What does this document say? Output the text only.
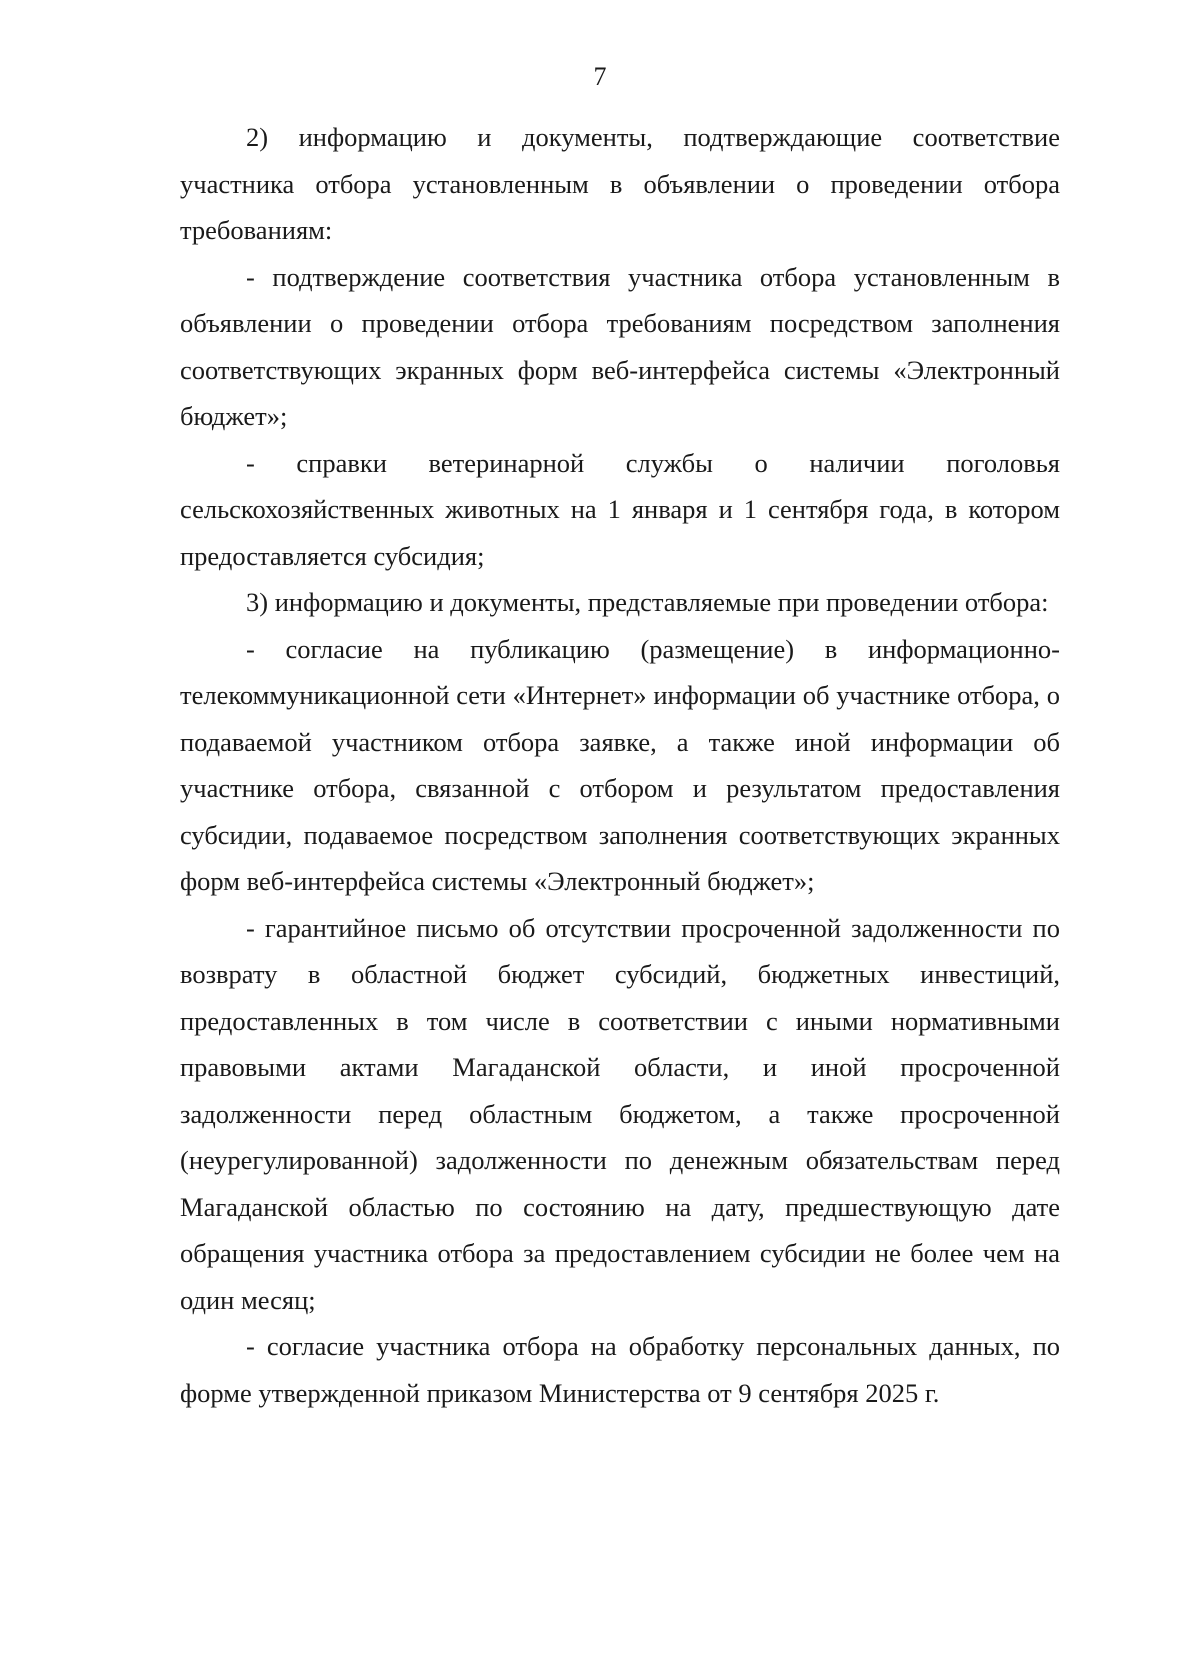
7

2) информацию и документы, подтверждающие соответствие участника отбора установленным в объявлении о проведении отбора требованиям:

- подтверждение соответствия участника отбора установленным в объявлении о проведении отбора требованиям посредством заполнения соответствующих экранных форм веб-интерфейса системы «Электронный бюджет»;

- справки ветеринарной службы о наличии поголовья сельскохозяйственных животных на 1 января и 1 сентября года, в котором предоставляется субсидия;

3) информацию и документы, представляемые при проведении отбора:

- согласие на публикацию (размещение) в информационно-телекоммуникационной сети «Интернет» информации об участнике отбора, о подаваемой участником отбора заявке, а также иной информации об участнике отбора, связанной с отбором и результатом предоставления субсидии, подаваемое посредством заполнения соответствующих экранных форм веб-интерфейса системы «Электронный бюджет»;

- гарантийное письмо об отсутствии просроченной задолженности по возврату в областной бюджет субсидий, бюджетных инвестиций, предоставленных в том числе в соответствии с иными нормативными правовыми актами Магаданской области, и иной просроченной задолженности перед областным бюджетом, а также просроченной (неурегулированной) задолженности по денежным обязательствам перед Магаданской областью по состоянию на дату, предшествующую дате обращения участника отбора за предоставлением субсидии не более чем на один месяц;

- согласие участника отбора на обработку персональных данных, по форме утвержденной приказом Министерства от 9 сентября 2025 г.
